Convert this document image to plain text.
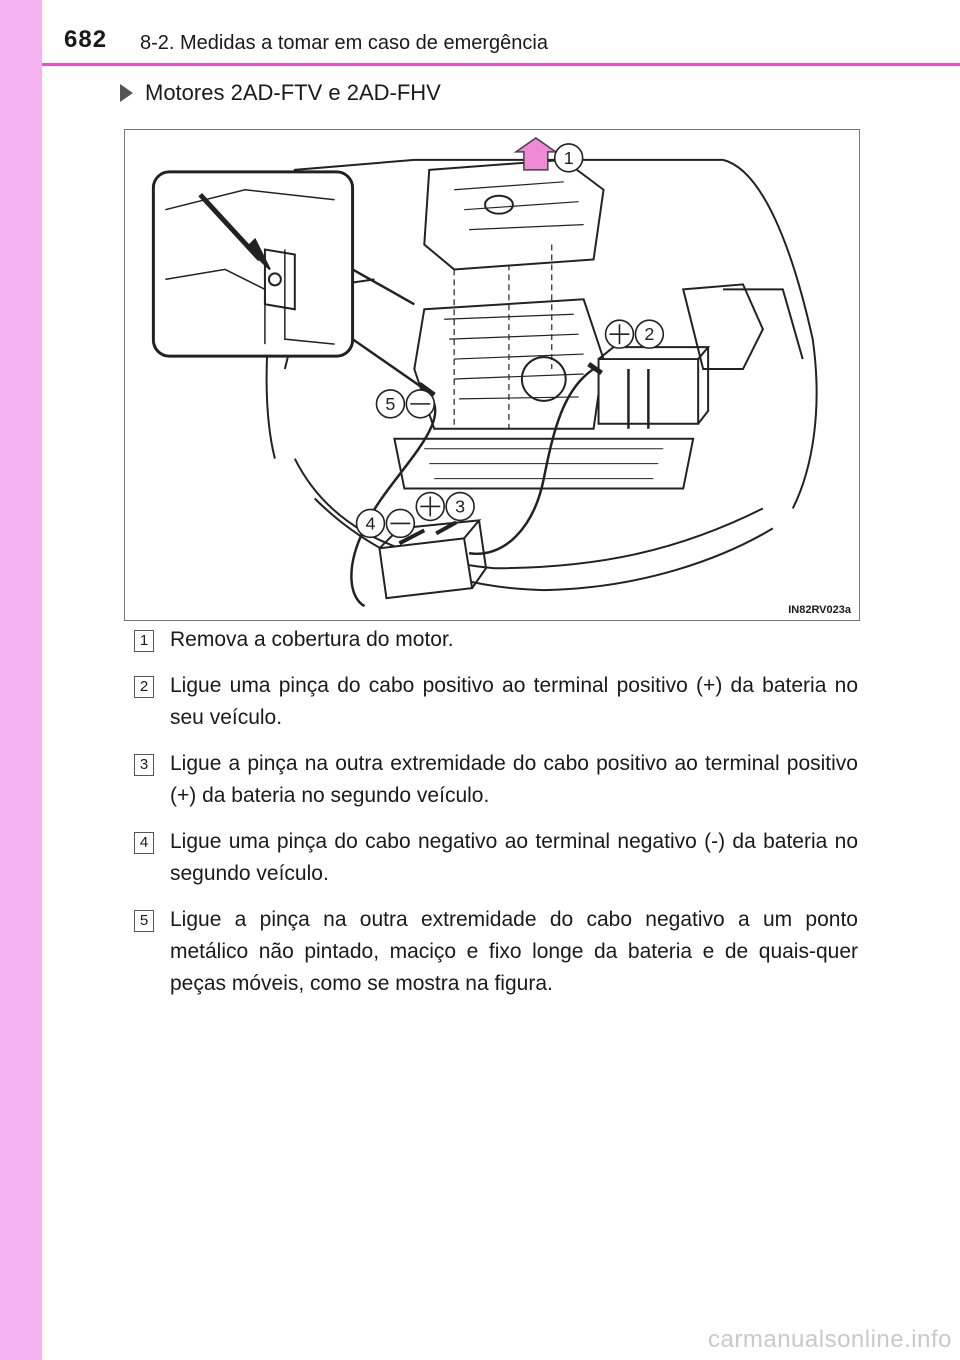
682 8-2. Medidas a tomar em caso de emergência
Motores 2AD-FTV e 2AD-FHV
1
2
3
4
5
IN82RV023a
1 Remova a cobertura do motor.
2 Ligue uma pinça do cabo positivo ao terminal positivo (+) da bateria no seu veículo.
3 Ligue a pinça na outra extremidade do cabo positivo ao terminal positivo (+) da bateria no segundo veículo.
4 Ligue uma pinça do cabo negativo ao terminal negativo (-) da bateria no segundo veículo.
5 Ligue a pinça na outra extremidade do cabo negativo a um ponto metálico não pintado, maciço e fixo longe da bateria e de quais-quer peças móveis, como se mostra na figura.
carmanualsonline.info
